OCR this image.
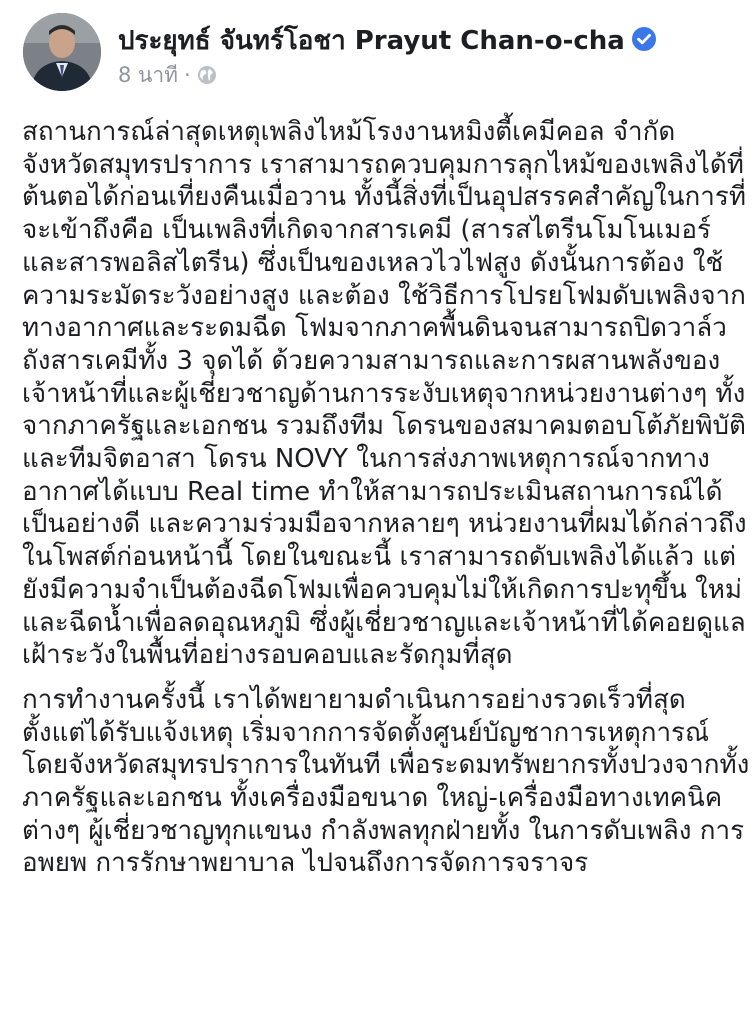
ประยุทธ์ จันทร์โอชา Prayut Chan-o-cha
8 นาที ·

สถานการณ์ล่าสุดเหตุเพลิงไหม้โรงงานหมิงตี้เคมีคอล จำกัด จังหวัดสมุทรปราการ เราสามารถควบคุมการลุกไหม้ของเพลิงได้ที่ต้นตอได้ก่อนเที่ยงคืนเมื่อวาน ทั้งนี้สิ่งที่เป็นอุปสรรคสำคัญในการที่จะเข้าถึงคือ เป็นเพลิงที่เกิดจากสารเคมี (สารสไตรีนโมโนเมอร์และสารพอลิสไตรีน) ซึ่งเป็นของเหลวไวไฟสูง ดังนั้นการต้อง ใช้ความระมัดระวังอย่างสูง และต้อง ใช้วิธีการโปรยโฟมดับเพลิงจากทางอากาศและระดมฉีด โฟมจากภาคพื้นดินจนสามารถปิดวาล์วถังสารเคมีทั้ง 3 จุดได้ ด้วยความสามารถและการผสานพลังของเจ้าหน้าที่และผู้เชี่ยวชาญด้านการระงับเหตุจากหน่วยงานต่างๆ ทั้งจากภาครัฐและเอกชน รวมถึงทีม โดรนของสมาคมตอบโต้ภัยพิบัติ และทีมจิตอาสา โดรน NOVY ในการส่งภาพเหตุการณ์จากทางอากาศได้แบบ Real time ทำให้สามารถประเมินสถานการณ์ได้เป็นอย่างดี และความร่วมมือจากหลายๆ หน่วยงานที่ผมได้กล่าวถึง ในโพสต์ก่อนหน้านี้ โดยในขณะนี้ เราสามารถดับเพลิงได้แล้ว แต่ยังมีความจำเป็นต้องฉีดโฟมเพื่อควบคุมไม่ให้เกิดการปะทุขึ้น ใหม่ และฉีดน้ำเพื่อลดอุณหภูมิ ซึ่งผู้เชี่ยวชาญและเจ้าหน้าที่ได้คอยดูแลเฝ้าระวังในพื้นที่อย่างรอบคอบและรัดกุมที่สุด

การทำงานครั้งนี้ เราได้พยายามดำเนินการอย่างรวดเร็วที่สุด ตั้งแต่ได้รับแจ้งเหตุ เริ่มจากการจัดตั้งศูนย์บัญชาการเหตุการณ์ โดยจังหวัดสมุทรปราการในทันที เพื่อระดมทรัพยากรทั้งปวงจากทั้งภาครัฐและเอกชน ทั้งเครื่องมือขนาด ใหญ่-เครื่องมือทางเทคนิคต่างๆ ผู้เชี่ยวชาญทุกแขนง กำลังพลทุกฝ่ายทั้ง ในการดับเพลิง การอพยพ การรักษาพยาบาล ไปจนถึงการจัดการจราจร
